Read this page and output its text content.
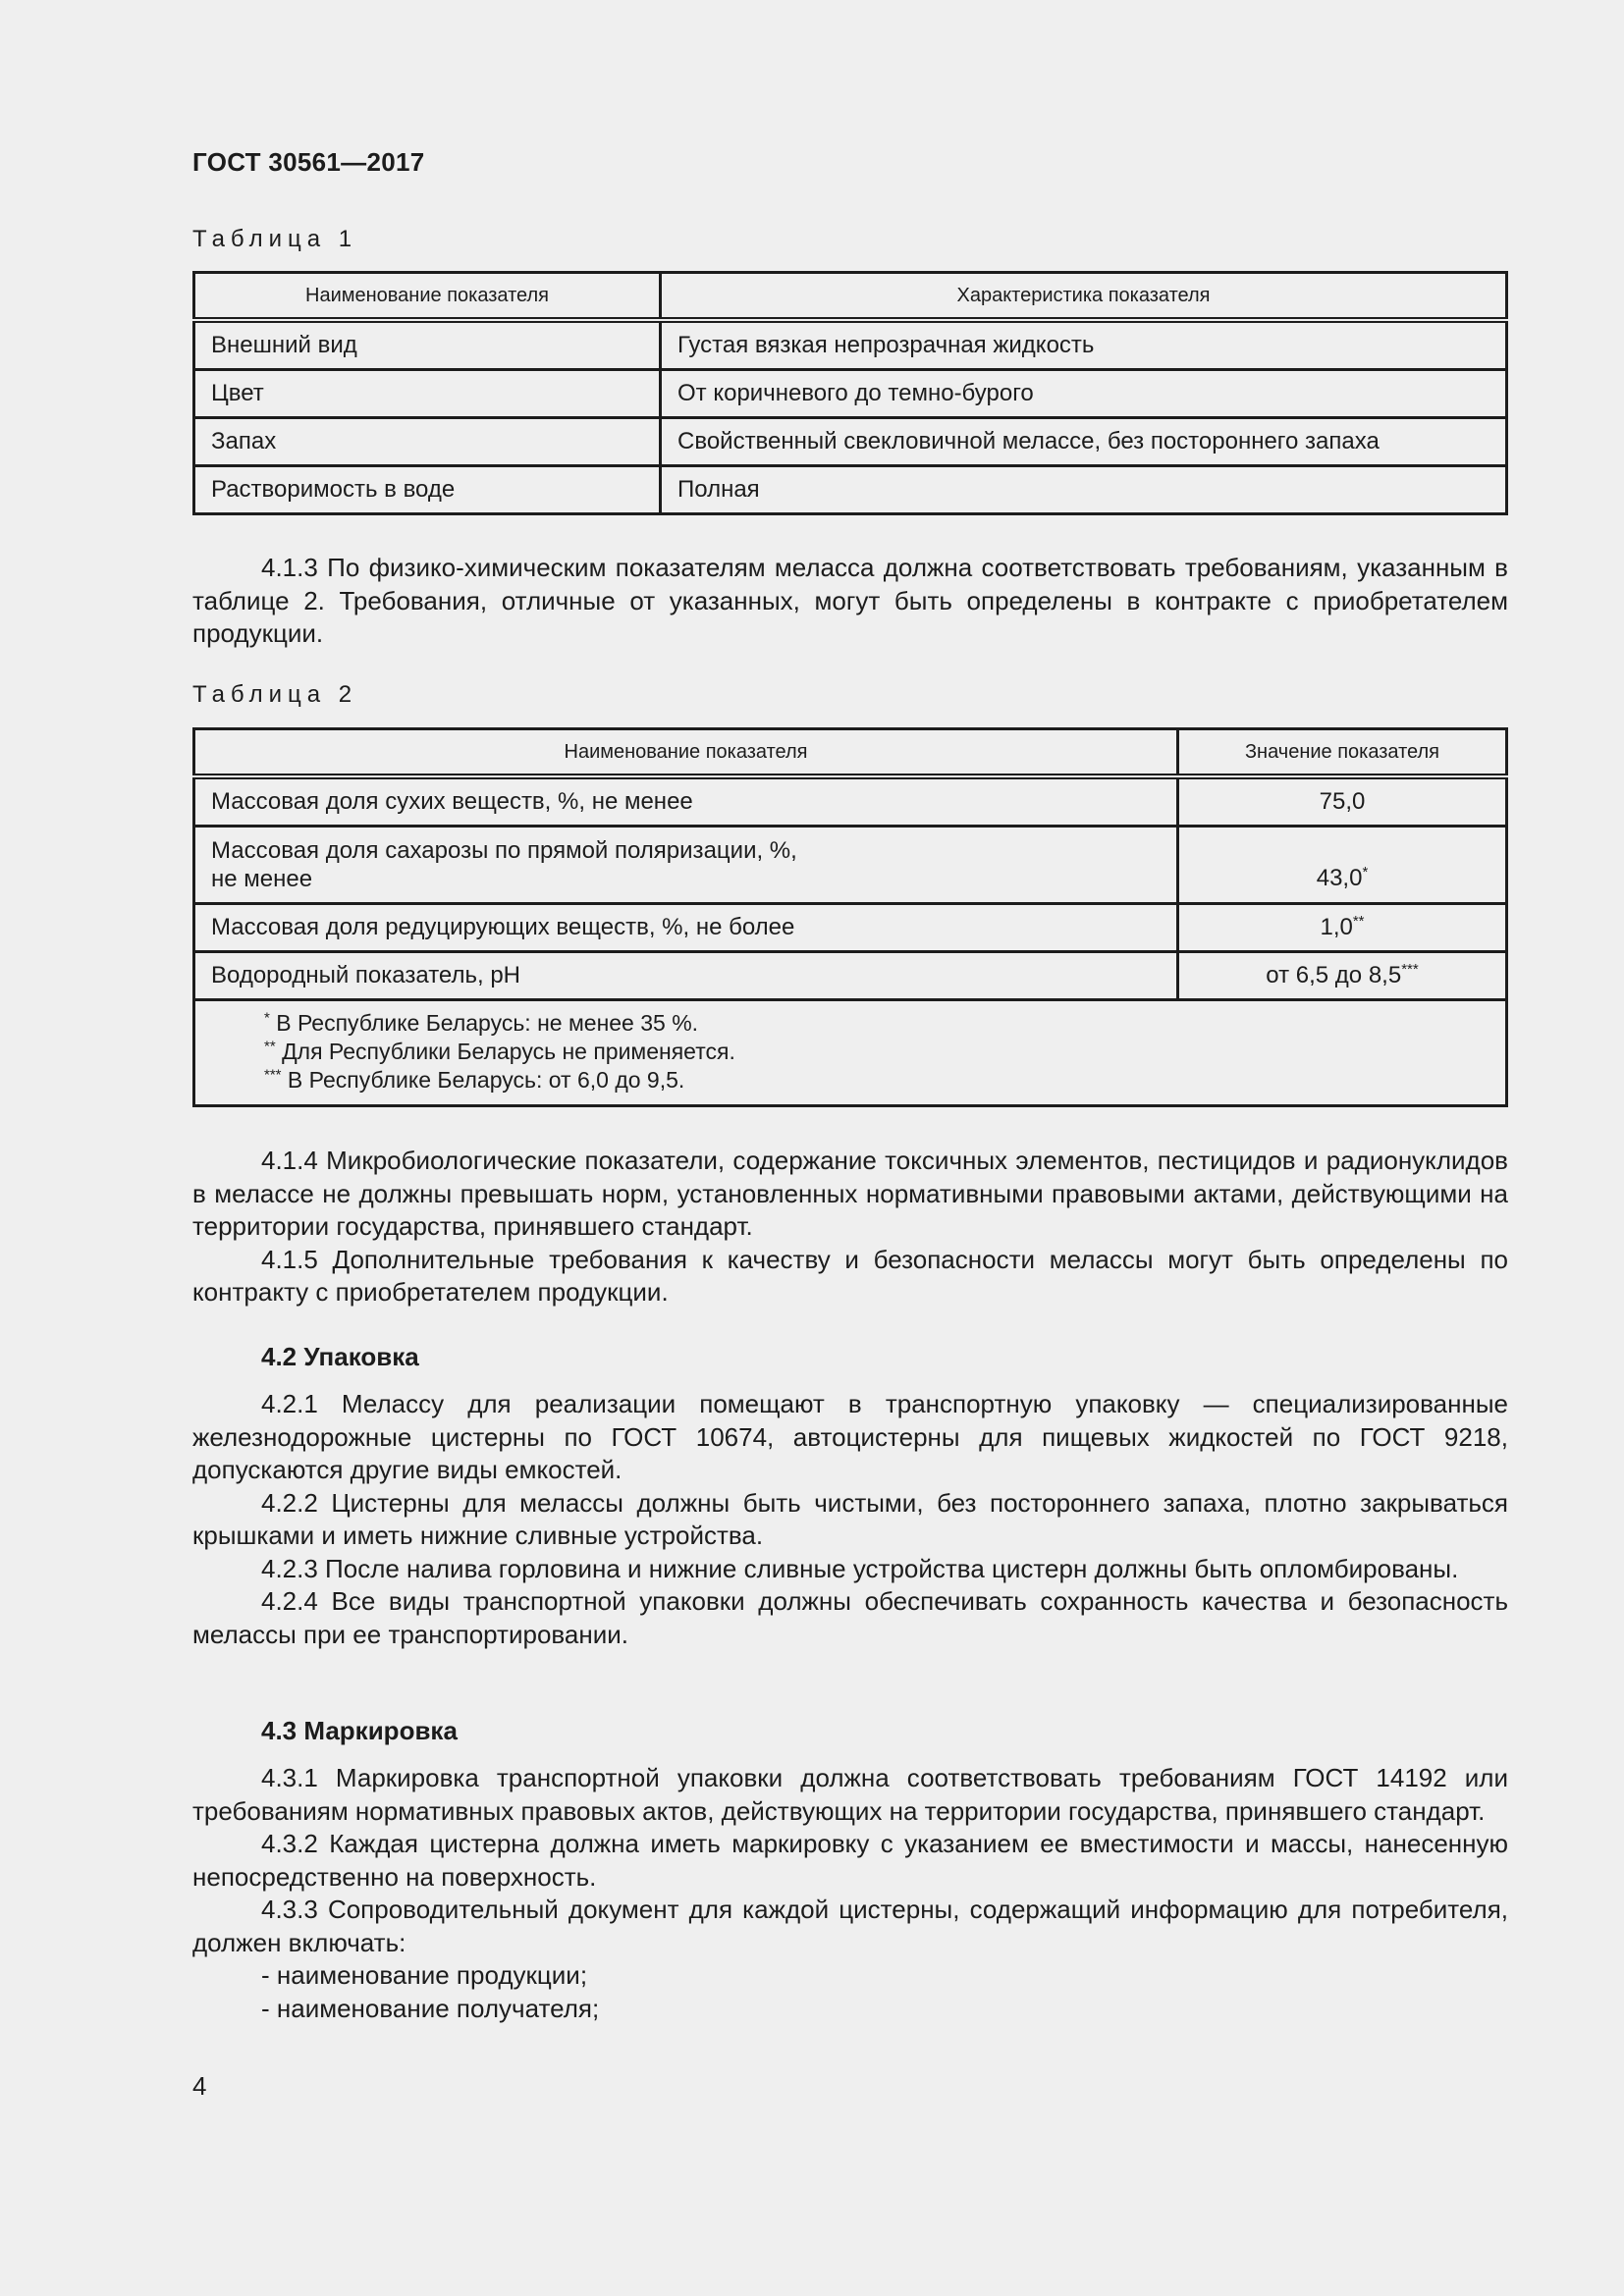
ГОСТ 30561—2017
Таблица 1
Наименование показателя	Характеристика показателя
Внешний вид	Густая вязкая непрозрачная жидкость
Цвет	От коричневого до темно-бурого
Запах	Свойственный свекловичной мелассе, без постороннего запаха
Растворимость в воде	Полная

4.1.3 По физико-химическим показателям меласса должна соответствовать требованиям, указанным в таблице 2. Требования, отличные от указанных, могут быть определены в контракте с приобретателем продукции.

Таблица 2
Наименование показателя	Значение показателя
Массовая доля сухих веществ, %, не менее	75,0
Массовая доля сахарозы по прямой поляризации, %,
не менее	43,0*
Массовая доля редуцирующих веществ, %, не более	1,0**
Водородный показатель, pH	от 6,5 до 8,5***

* В Республике Беларусь: не менее 35 %.
** Для Республики Беларусь не применяется.
*** В Республике Беларусь: от 6,0 до 9,5.	

4.1.4 Микробиологические показатели, содержание токсичных элементов, пестицидов и радионуклидов в мелассе не должны превышать норм, установленных нормативными правовыми актами, действующими на территории государства, принявшего стандарт.

4.1.5 Дополнительные требования к качеству и безопасности мелассы могут быть определены по контракту с приобретателем продукции.

4.2 Упаковка

4.2.1 Мелассу для реализации помещают в транспортную упаковку — специализированные железнодорожные цистерны по ГОСТ 10674, автоцистерны для пищевых жидкостей по ГОСТ 9218, допускаются другие виды емкостей.

4.2.2 Цистерны для мелассы должны быть чистыми, без постороннего запаха, плотно закрываться крышками и иметь нижние сливные устройства.

4.2.3 После налива горловина и нижние сливные устройства цистерн должны быть опломбированы.

4.2.4 Все виды транспортной упаковки должны обеспечивать сохранность качества и безопасность мелассы при ее транспортировании.

4.3 Маркировка

4.3.1 Маркировка транспортной упаковки должна соответствовать требованиям ГОСТ 14192 или требованиям нормативных правовых актов, действующих на территории государства, принявшего стандарт.

4.3.2 Каждая цистерна должна иметь маркировку с указанием ее вместимости и массы, нанесенную непосредственно на поверхность.

4.3.3 Сопроводительный документ для каждой цистерны, содержащий информацию для потребителя, должен включать:

- наименование продукции;

- наименование получателя;

4
